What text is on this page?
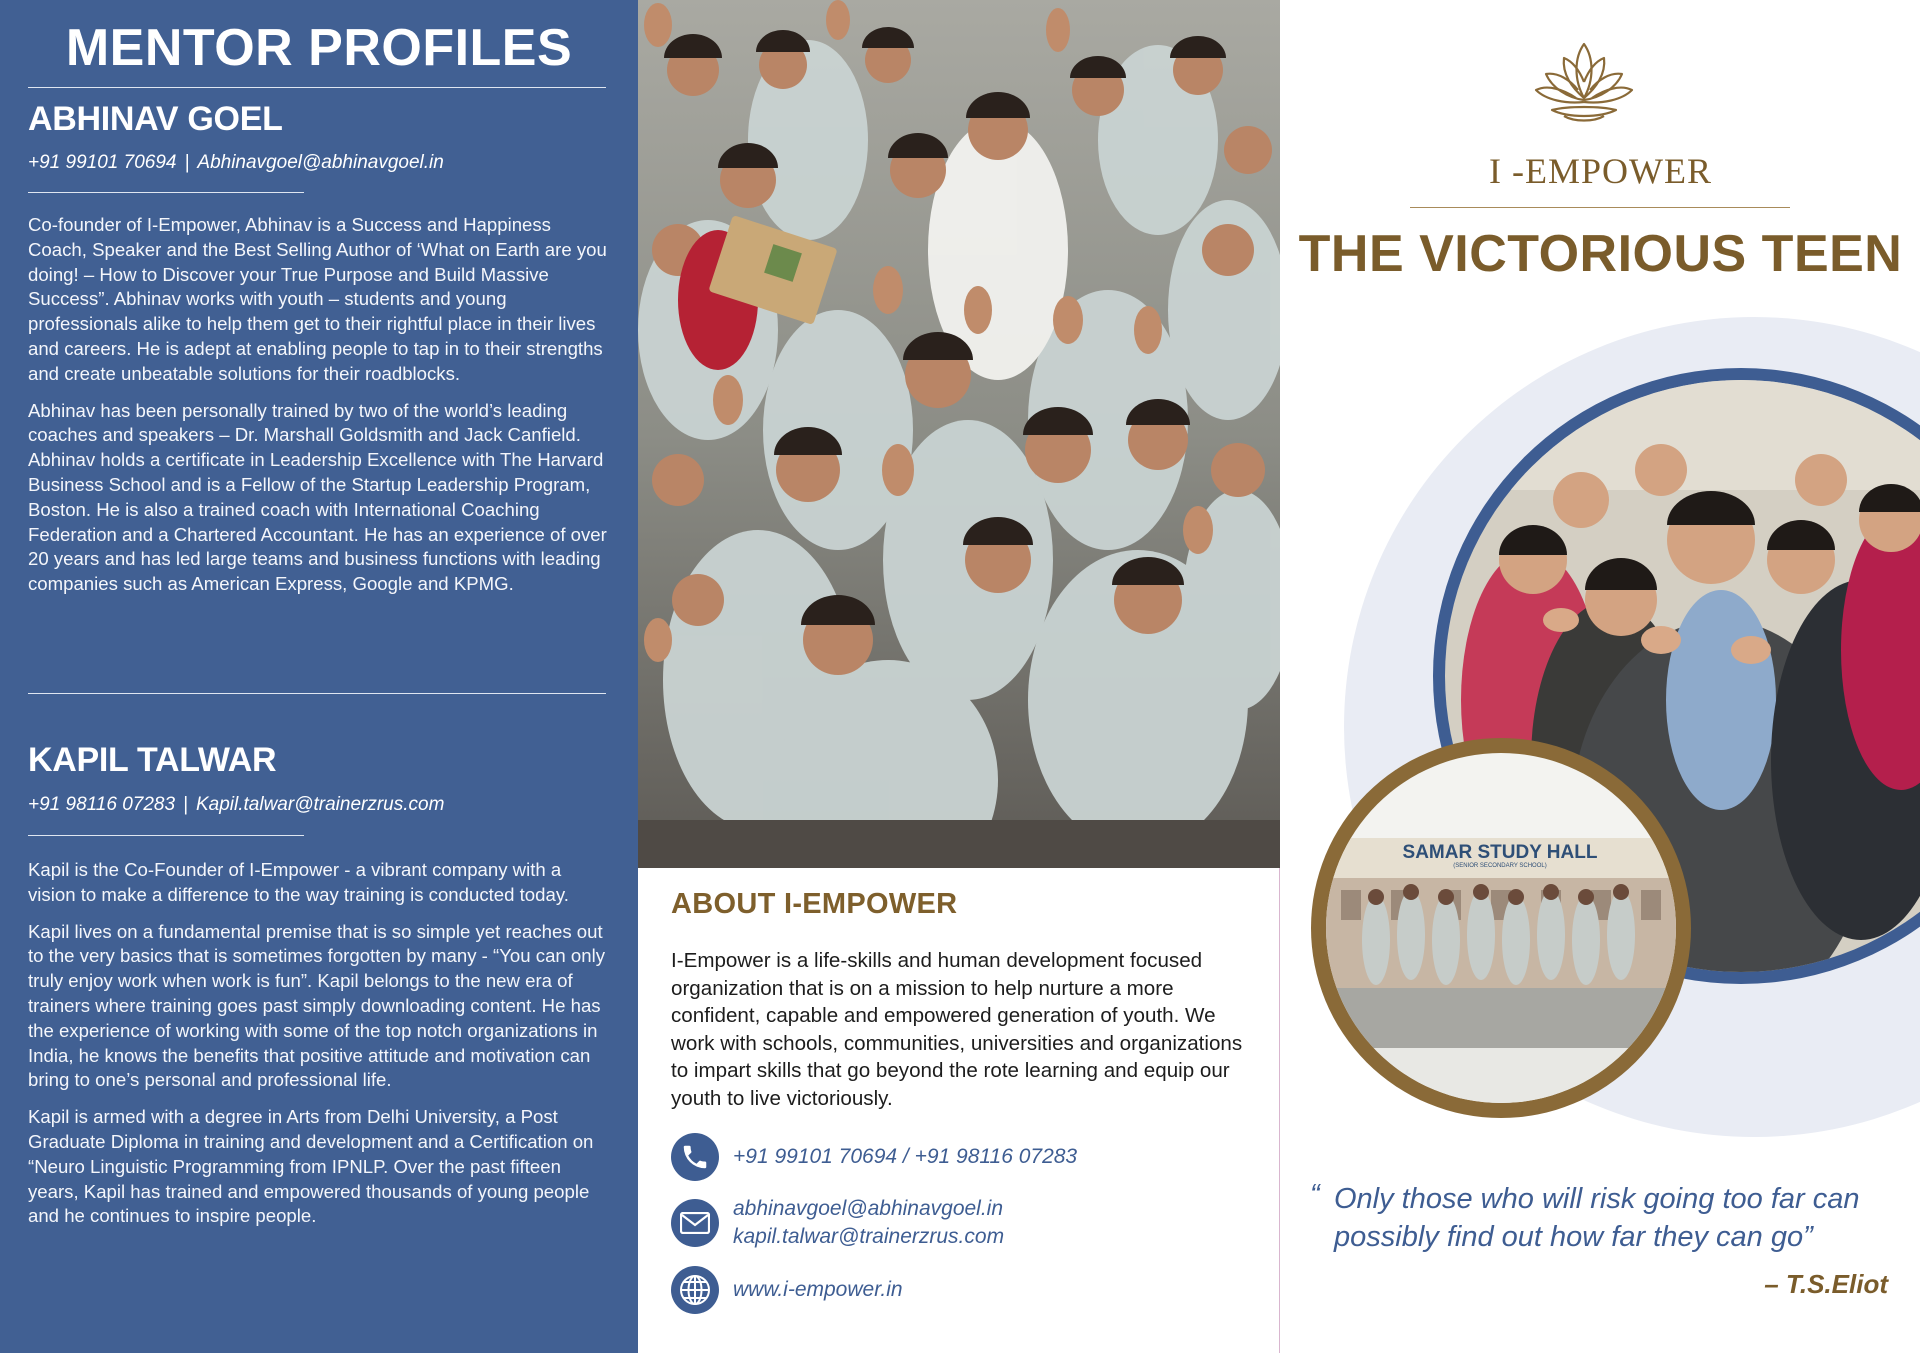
MENTOR PROFILES
ABHINAV GOEL
+91 99101 70694 | Abhinavgoel@abhinavgoel.in

Co-founder of I-Empower, Abhinav is a Success and Happiness Coach, Speaker and the Best Selling Author of ‘What on Earth are you doing! – How to Discover your True Purpose and Build Massive Success”. Abhinav works with youth – students and young professionals alike to help them get to their rightful place in their lives and careers. He is adept at enabling people to tap in to their strengths and create unbeatable solutions for their roadblocks.

Abhinav has been personally trained by two of the world’s leading coaches and speakers – Dr. Marshall Goldsmith and Jack Canfield. Abhinav holds a certificate in Leadership Excellence with The Harvard Business School and is a Fellow of the Startup Leadership Program, Boston. He is also a trained coach with International Coaching Federation and a Chartered Accountant. He has an experience of over 20 years and has led large teams and business functions with leading companies such as American Express, Google and KPMG.

KAPIL TALWAR
+91 98116 07283 | Kapil.talwar@trainerzrus.com

Kapil is the Co-Founder of I-Empower - a vibrant company with a vision to make a difference to the way training is conducted today.

Kapil lives on a fundamental premise that is so simple yet reaches out to the very basics that is sometimes forgotten by many - “You can only truly enjoy work when work is fun”. Kapil belongs to the new era of trainers where training goes past simply downloading content. He has the experience of working with some of the top notch organizations in India, he knows the benefits that positive attitude and motivation can bring to one’s personal and professional life.

Kapil is armed with a degree in Arts from Delhi University, a Post Graduate Diploma in training and development and a Certification on “Neuro Linguistic Programming from IPNLP. Over the past fifteen years, Kapil has trained and empowered thousands of young people and he continues to inspire people.

ABOUT I-EMPOWER
I-Empower is a life-skills and human development focused organization that is on a mission to help nurture a more confident, capable and empowered generation of youth. We work with schools, communities, universities and organizations to impart skills that go beyond the rote learning and equip our youth to live victoriously.
+91 99101 70694 / +91 98116 07283
abhinavgoel@abhinavgoel.in
kapil.talwar@trainerzrus.com
www.i-empower.in
SAMAR STUDY HALL
(SENIOR SECONDARY SCHOOL)
I -EMPOWER
THE VICTORIOUS TEEN
“ Only those who will risk going too far can possibly find out how far they can go”
– T.S.Eliot
